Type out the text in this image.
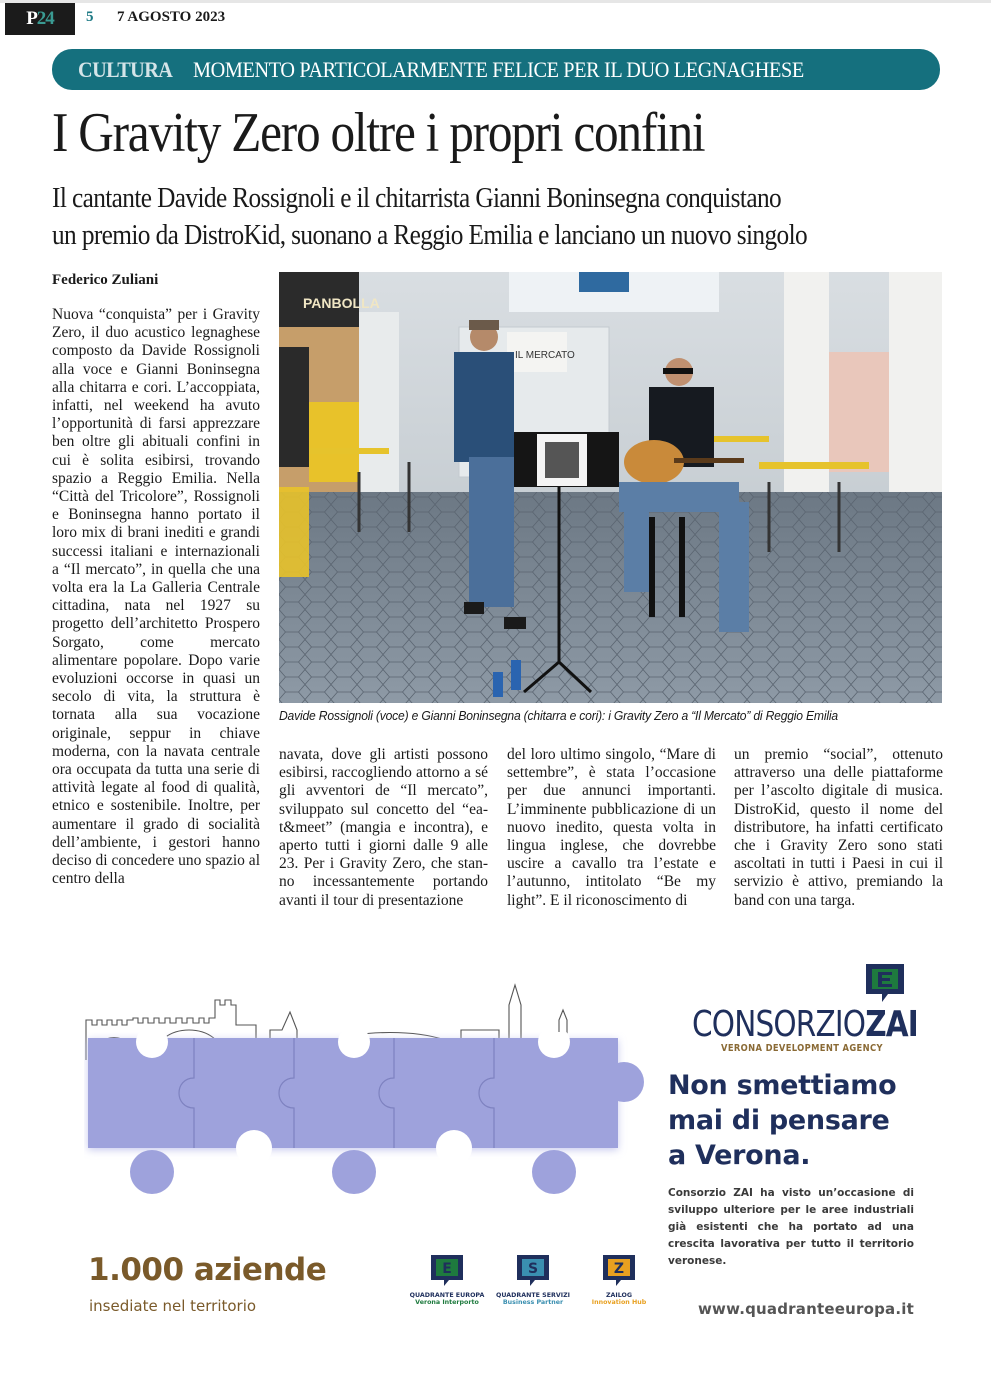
P 24 5 7 AGOSTO 2023
CULTURA MOMENTO PARTICOLARMENTE FELICE PER IL DUO LEGNAGHESE
I Gravity Zero oltre i propri confini
Il cantante Davide Rossignoli e il chitarrista Gianni Boninsegna conquistano
un premio da DistroKid, suonano a Reggio Emilia e lanciano un nuovo singolo
Federico Zuliani

Nuova “conquista” per i Gravity Zero, il duo acustico legnaghese composto da Davide Rossignoli alla voce e Gianni Boninsegna alla chitarra e cori. L’accoppiata, infatti, nel weekend ha avuto l’opportunità di farsi apprezzare ben oltre gli abituali confini in cui è solita esibirsi, trovando spazio a Reggio Emilia. Nella “Città del Tricolore”, Rossignoli e Boninsegna hanno portato il loro mix di brani inediti e grandi successi italiani e internazionali a “Il mercato”, in quella che una volta era la La Galleria Centrale cittadina, nata nel 1927 su progetto dell’architetto Prospero Sorgato, come mercato alimentare popolare. Dopo varie evoluzioni occorse in quasi un secolo di vita, la struttura è tornata alla sua vocazione originale, seppur in chiave moderna, con la navata centrale ora occupata da tutta una serie di attività legate al food di qualità, etnico e sostenibile. Inoltre, per aumentare il grado di socialità dell’ambiente, i gestori hanno deciso di concedere uno spazio al centro della

navata, dove gli artisti possono esibirsi, raccogliendo attorno a sé gli avventori de “Il mercato”, sviluppato sul concetto del “eat&meet” (mangia e incontra), e aperto tutti i giorni dalle 9 alle 23. Per i Gravity Zero, che stanno incessantemente portando avanti il tour di presentazione

del loro ultimo singolo, “Mare di settembre”, è stata l’occasione per due annunci importanti. L’imminente pubblicazione di un nuovo inedito, questa volta in lingua inglese, che dovrebbe uscire a cavallo tra l’estate e l’autunno, intitolato “Be my light”. E il riconoscimento di

un premio “social”, ottenuto attraverso una delle piattaforme per l’ascolto digitale di musica. DistroKid, questo il nome del distributore, ha infatti certificato che i Gravity Zero sono stati ascoltati in tutti i Paesi in cui il servizio è attivo, premiando la band con una targa.

IL MERCATO
PANBOLLA
Davide Rossignoli (voce) e Gianni Boninsegna (chitarra e cori): i Gravity Zero a “Il Mercato” di Reggio Emilia
1.000 aziende
insediate nel territorio
CONSORZIOZAI
VERONA DEVELOPMENT AGENCY
Non smettiamo
mai di pensare
a Verona.
Consorzio ZAI ha visto un’occasione di sviluppo ulteriore per le aree industriali già esistenti che ha portato ad una crescita lavorativa per tutto il territorio veronese.
E
QUADRANTE EUROPA
Verona Interporto
S
QUADRANTE SERVIZI
Business Partner
Z
ZAILOG
Innovation Hub	www.quadranteeuropa.it
